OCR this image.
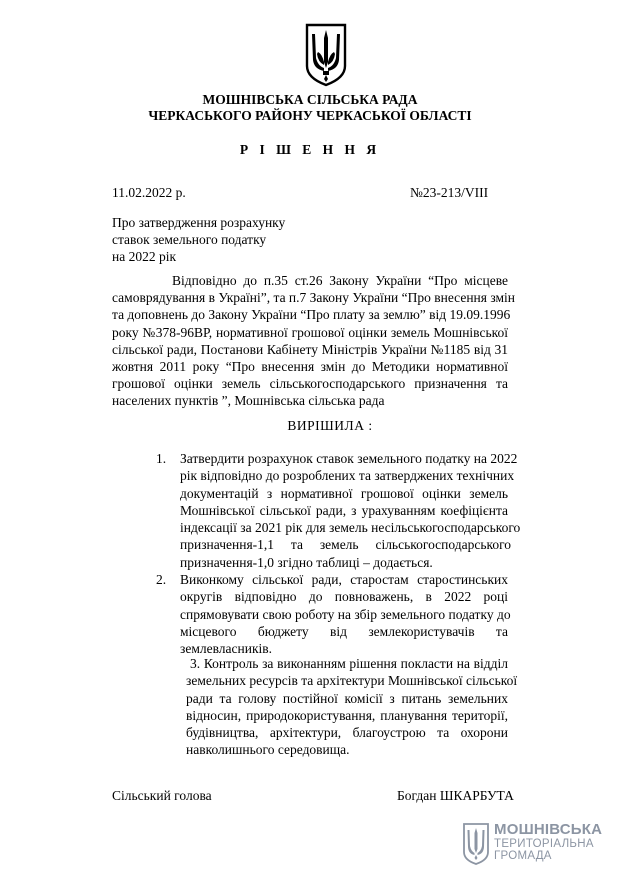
МОШНІВСЬКА СІЛЬСЬКА РАДА
ЧЕРКАСЬКОГО РАЙОНУ ЧЕРКАСЬКОЇ ОБЛАСТІ
Р І Ш Е Н Н Я
11.02.2022 р.	№23-213/VIII
Про затвердження розрахунку
ставок земельного податку
на 2022 рік
Відповідно до п.35 ст.26 Закону України “Про місцеве
самоврядування в Україні”, та п.7 Закону України “Про внесення змін
та доповнень до Закону України “Про плату за землю” від 19.09.1996
року №378-96ВР, нормативної грошової оцінки земель Мошнівської
сільської ради, Постанови Кабінету Міністрів України №1185 від 31
жовтня 2011 року “Про внесення змін до Методики нормативної
грошової оцінки земель сільськогосподарського призначення та
населених пунктів ”, Мошнівська сільська рада
ВИРІШИЛА :
1.	Затвердити розрахунок ставок земельного податку на 2022
рік відповідно до розроблених та затверджених технічних
документацій з нормативної грошової оцінки земель
Мошнівської сільської ради, з урахуванням коефіцієнта
індексації за 2021 рік для земель несільськогосподарського
призначення-1,1     та     земель     сільськогосподарського
призначення-1,0 згідно таблиці – додається.
2.	Виконкому сільської ради, старостам старостинських
округів відповідно до повноважень, в 2022 році
спрямовувати свою роботу на збір земельного податку до
місцевого бюджету від землекористувачів та
землевласників.
3. Контроль за виконанням рішення покласти на відділ
земельних ресурсів та архітектури Мошнівської сільської
ради та голову постійної комісії з питань земельних
відносин, природокористування, планування території,
будівництва, архітектури, благоустрою та охорони
навколишнього середовища.
Сільський голова	Богдан ШКАРБУТА
МОШНІВСЬКА
ТЕРИТОРІАЛЬНА
ГРОМАДА
